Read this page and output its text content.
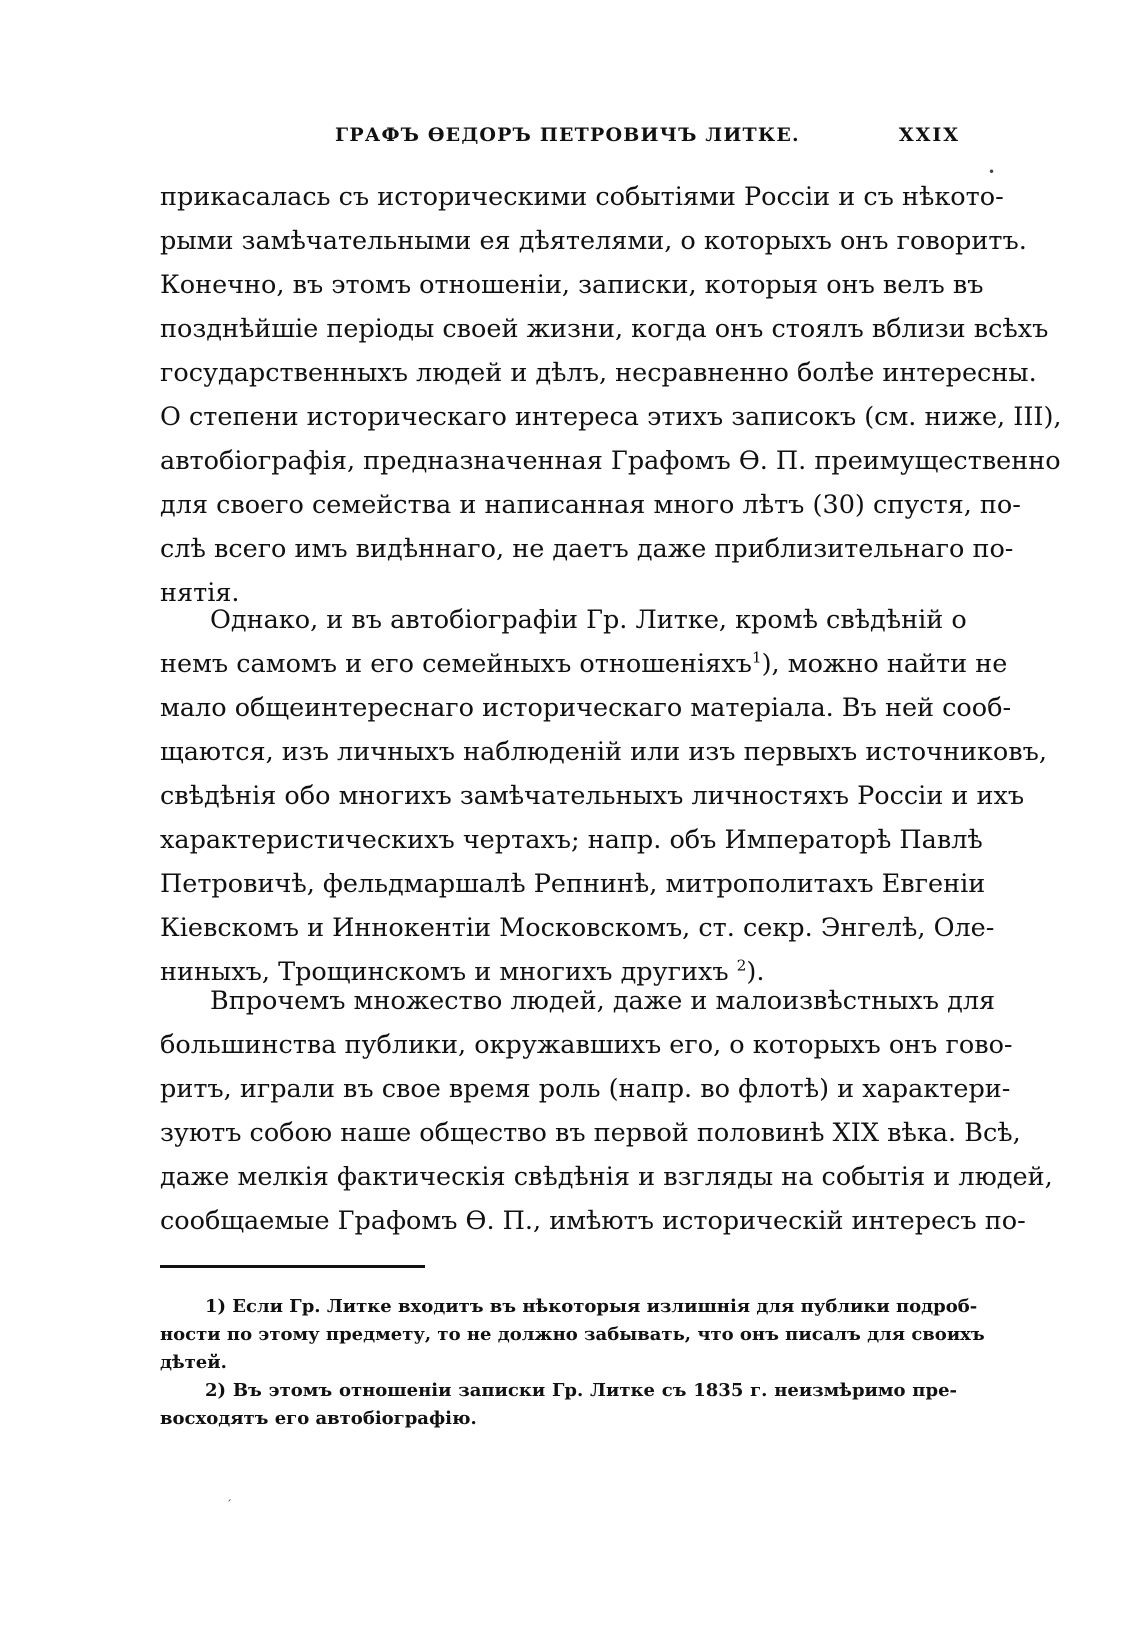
ГРАФЪ ѲЕДОРЪ ПЕТРОВИЧЪ ЛИТКЕ.	XXIX
прикасалась съ историческими событіями Россіи и съ нѣкото-
рыми замѣчательными ея дѣятелями, о которыхъ онъ говоритъ.
Конечно, въ этомъ отношеніи, записки, которыя онъ велъ въ
позднѣйшіе періоды своей жизни, когда онъ стоялъ вблизи всѣхъ
государственныхъ людей и дѣлъ, несравненно болѣе интересны.
О степени историческаго интереса этихъ записокъ (см. ниже, III),
автобіографія, предназначенная Графомъ Ѳ. П. преимущественно
для своего семейства и написанная много лѣтъ (30) спустя, по-
слѣ всего имъ видѣннаго, не даетъ даже приблизительнаго по-
нятія.
Однако, и въ автобіографіи Гр. Литке, кромѣ свѣдѣній о
немъ самомъ и его семейныхъ отношеніяхъ$^1$), можно найти не
мало общеинтереснаго историческаго матеріала. Въ ней сооб-
щаются, изъ личныхъ наблюденій или изъ первыхъ источниковъ,
свѣдѣнія обо многихъ замѣчательныхъ личностяхъ Россіи и ихъ
характеристическихъ чертахъ; напр. объ Императорѣ Павлѣ
Петровичѣ, фельдмаршалѣ Репнинѣ, митрополитахъ Евгеніи
Кіевскомъ и Иннокентіи Московскомъ, ст. секр. Энгелѣ, Оле-
ниныхъ, Трощинскомъ и многихъ другихъ $^2$).
Впрочемъ множество людей, даже и малоизвѣстныхъ для
большинства публики, окружавшихъ его, о которыхъ онъ гово-
ритъ, играли въ свое время роль (напр. во флотѣ) и характери-
зуютъ собою наше общество въ первой половинѣ XIX вѣка. Всѣ,
даже мелкія фактическія свѣдѣнія и взгляды на событія и людей,
сообщаемые Графомъ Ѳ. П., имѣютъ историческій интересъ по-
1) Если Гр. Литке входитъ въ нѣкоторыя излишнія для публики подроб-
ности по этому предмету, то не должно забывать, что онъ писалъ для своихъ
дѣтей.
2) Въ этомъ отношеніи записки Гр. Литке съ 1835 г. неизмѣримо пре-
восходятъ его автобіографію.
•
ˊ
